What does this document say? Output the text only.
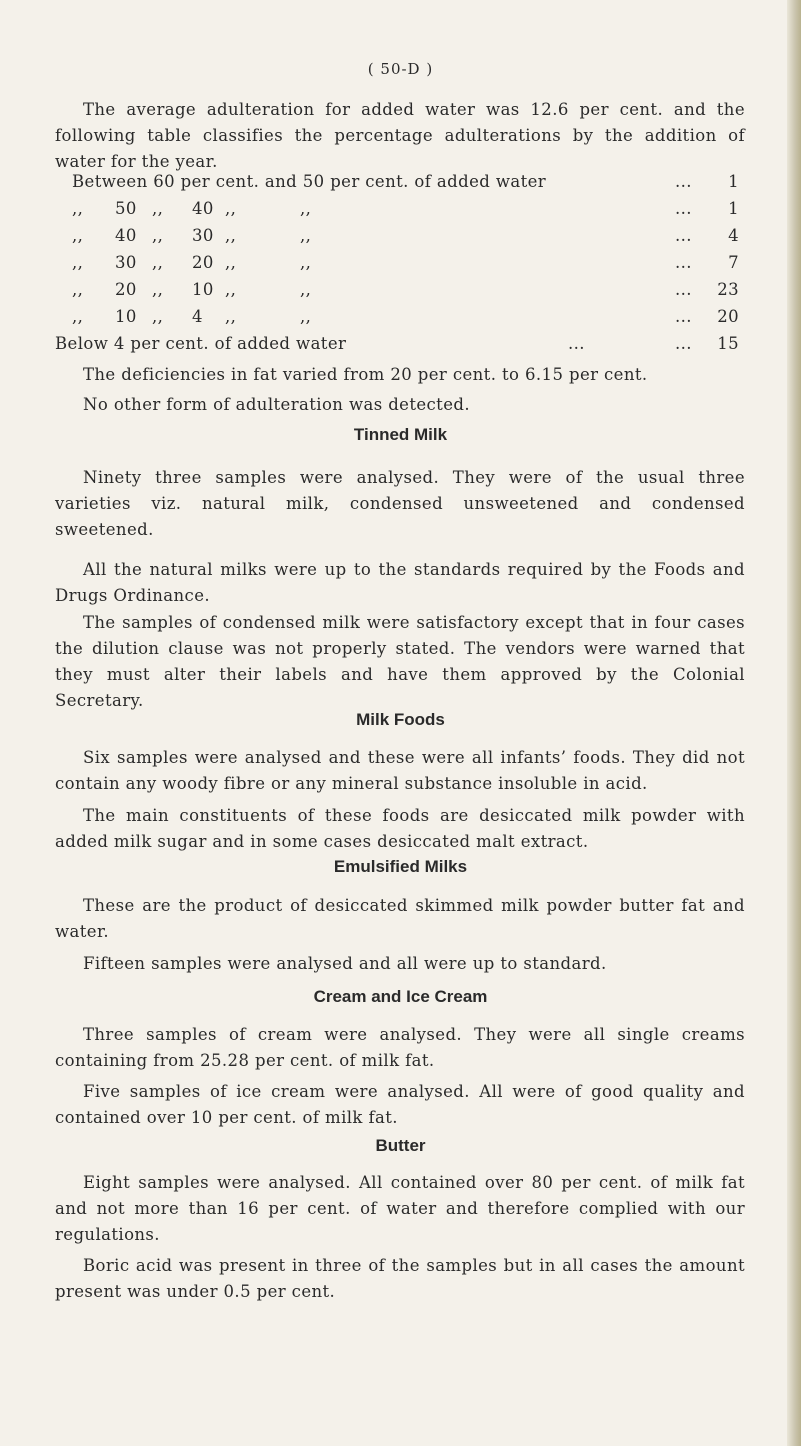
( 50-D )

The average adulteration for added water was 12.6 per cent. and the following table classifies the percentage adulterations by the addition of water for the year.

Between 60 per cent. and 50 per cent. of added water	... 1
,, 50 ,, 40 ,,	,,	... 1
,, 40 ,, 30 ,,	,,	... 4
,, 30 ,, 20 ,,	,,	... 7
,, 20 ,, 10 ,,	,,	... 23
,, 10 ,, 4 ,,	,,	... 20
Below 4 per cent. of added water	...	... 15

The deficiencies in fat varied from 20 per cent. to 6.15 per cent.

No other form of adulteration was detected.

Tinned Milk

Ninety three samples were analysed. They were of the usual three varieties viz. natural milk, condensed unsweetened and condensed sweetened.

All the natural milks were up to the standards required by the Foods and Drugs Ordinance.

The samples of condensed milk were satisfactory except that in four cases the dilution clause was not properly stated. The vendors were warned that they must alter their labels and have them approved by the Colonial Secretary.

Milk Foods

Six samples were analysed and these were all infants’ foods. They did not contain any woody fibre or any mineral substance insoluble in acid.

The main constituents of these foods are desiccated milk powder with added milk sugar and in some cases desiccated malt extract.

Emulsified Milks

These are the product of desiccated skimmed milk powder butter fat and water.

Fifteen samples were analysed and all were up to standard.

Cream and Ice Cream

Three samples of cream were analysed. They were all single creams containing from 25.28 per cent. of milk fat.

Five samples of ice cream were analysed. All were of good quality and contained over 10 per cent. of milk fat.

Butter

Eight samples were analysed. All contained over 80 per cent. of milk fat and not more than 16 per cent. of water and therefore complied with our regulations.

Boric acid was present in three of the samples but in all cases the amount present was under 0.5 per cent.
